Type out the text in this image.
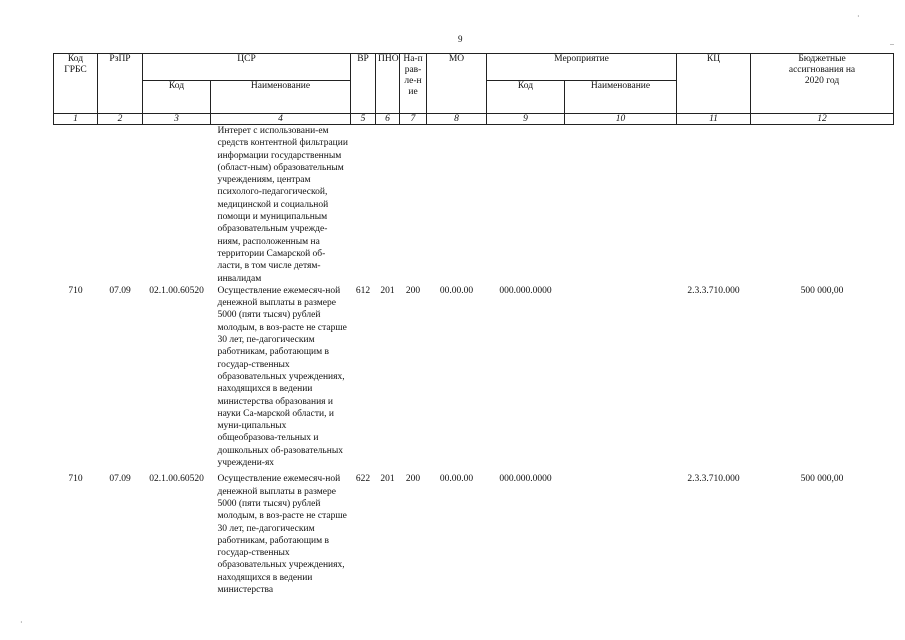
9
·
..
·
Код ГРБС	РзПР	ЦСР		ВР	ПНО	На-прав-ле-ние	МО	Мероприятие		КЦ	Бюджетные ассигнования на 2020 год
		Код	Наименование					Код	Наименование		
1	2	3	4	5	6	7	8	9	10	11	12
			Интерет с использовани-ем средств контентной фильтрации информации государственным (област-ным) образовательным учреждениям, центрам психолого-педагогической, медицинской и социальной помощи и муниципальным образовательным учрежде-ниям, расположенным на территории Самарской об-ласти, в том числе детям-инвалидам								
710	07.09	02.1.00.60520	Осуществление ежемесяч-ной денежной выплаты в размере 5000 (пяти тысяч) рублей молодым, в воз-расте не старше 30 лет, пе-дагогическим работникам, работающим в государ-ственных образовательных учреждениях, находящихся в ведении министерства образования и науки Са-марской области, и муни-ципальных общеобразова-тельных и дошкольных об-разовательных учреждени-ях	612	201	200	00.00.00	000.000.0000		2.3.3.710.000	500 000,00
710	07.09	02.1.00.60520	Осуществление ежемесяч-ной денежной выплаты в размере 5000 (пяти тысяч) рублей молодым, в воз-расте не старше 30 лет, пе-дагогическим работникам, работающим в государ-ственных образовательных учреждениях, находящихся в ведении министерства	622	201	200	00.00.00	000.000.0000		2.3.3.710.000	500 000,00
